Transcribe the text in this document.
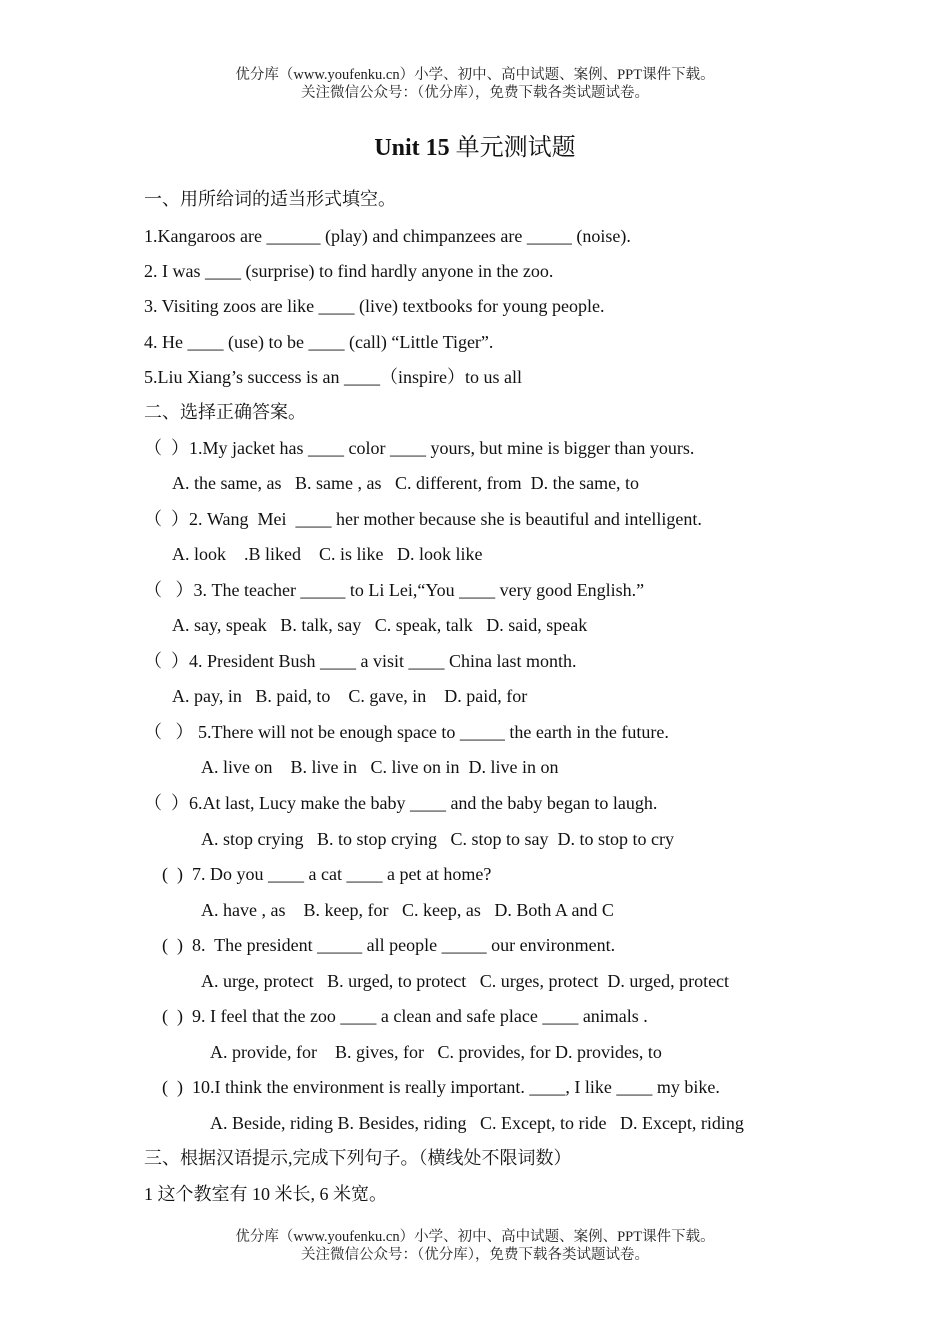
优分库（www.youfenku.cn）小学、初中、高中试题、案例、PPT课件下载。
关注微信公众号：（优分库），免费下载各类试题试卷。
Unit 15 单元测试题
一、用所给词的适当形式填空。
1.Kangaroos are ______ (play) and chimpanzees are _____ (noise).
2. I was ____ (surprise) to find hardly anyone in the zoo.
3. Visiting zoos are like ____ (live) textbooks for young people.
4. He ____ (use) to be ____ (call) “Little Tiger”.
5.Liu Xiang’s success is an ____（inspire）to us all
二、选择正确答案。
（  ）1.My jacket has ____ color ____ yours, but mine is bigger than yours.
A. the same, as   B. same , as   C. different, from  D. the same, to
（  ）2. Wang  Mei  ____ her mother because she is beautiful and intelligent.
A. look    .B liked    C. is like   D. look like
（   ）3. The teacher _____ to Li Lei,“You ____ very good English.”
A. say, speak   B. talk, say   C. speak, talk   D. said, speak
（  ）4. President Bush ____ a visit ____ China last month.
A. pay, in   B. paid, to    C. gave, in    D. paid, for
（   ） 5.There will not be enough space to _____ the earth in the future.
A. live on    B. live in   C. live on in  D. live in on
（  ）6.At last, Lucy make the baby ____ and the baby began to laugh.
A. stop crying   B. to stop crying   C. stop to say  D. to stop to cry
(  )  7. Do you ____ a cat ____ a pet at home?
A. have , as    B. keep, for   C. keep, as   D. Both A and C
(  )  8.  The president _____ all people _____ our environment.
A. urge, protect   B. urged, to protect   C. urges, protect  D. urged, protect
(  )  9. I feel that the zoo ____ a clean and safe place ____ animals .
A. provide, for    B. gives, for   C. provides, for D. provides, to
(  )  10.I think the environment is really important. ____, I like ____ my bike.
A. Beside, riding B. Besides, riding   C. Except, to ride   D. Except, riding
三、根据汉语提示,完成下列句子。（横线处不限词数）
1 这个教室有 10 米长, 6 米宽。
优分库（www.youfenku.cn）小学、初中、高中试题、案例、PPT课件下载。
关注微信公众号：（优分库），免费下载各类试题试卷。
